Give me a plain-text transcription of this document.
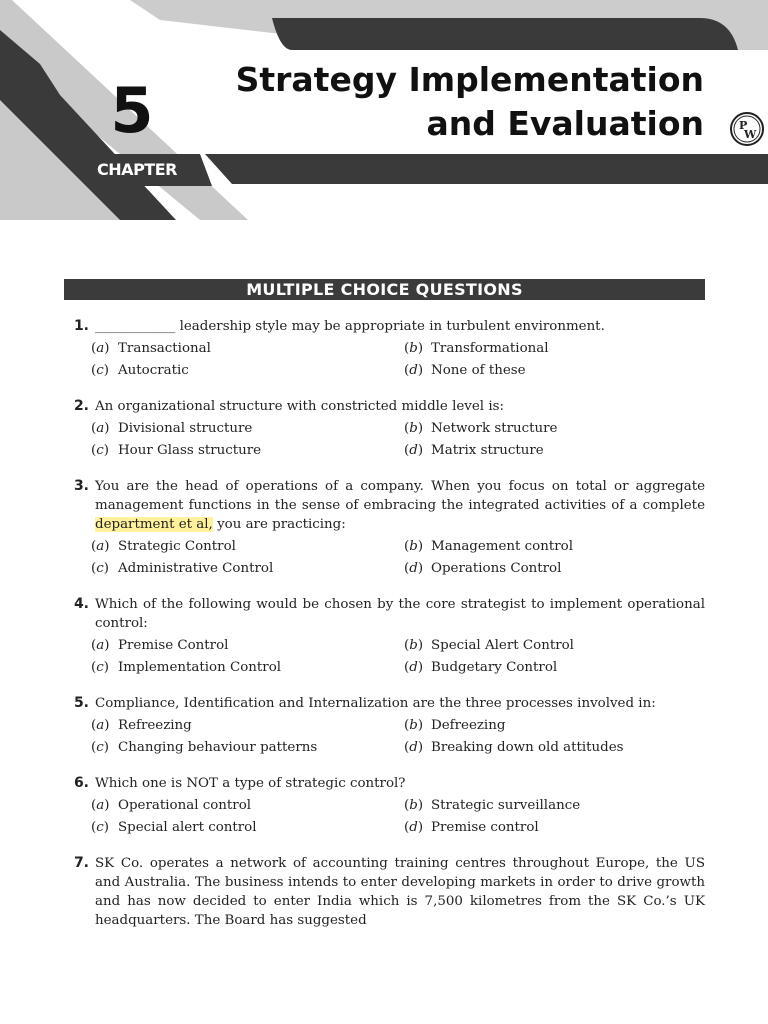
5
CHAPTER
Strategy Implementation
and Evaluation	P
W
MULTIPLE CHOICE QUESTIONS
1. ____________ leadership style may be appropriate in turbulent environment.
(a) Transactional	(b) Transformational
(c) Autocratic	(d) None of these
2. An organizational structure with constricted middle level is:
(a) Divisional structure	(b) Network structure
(c) Hour Glass structure	(d) Matrix structure
3. You are the head of operations of a company. When you focus on total or aggregate management functions in the sense of embracing the integrated activities of a complete department et al, you are practicing:
(a) Strategic Control	(b) Management control
(c) Administrative Control	(d) Operations Control
4. Which of the following would be chosen by the core strategist to implement operational control:
(a) Premise Control	(b) Special Alert Control
(c) Implementation Control	(d) Budgetary Control
5. Compliance, Identification and Internalization are the three processes involved in:
(a) Refreezing	(b) Defreezing
(c) Changing behaviour patterns	(d) Breaking down old attitudes
6. Which one is NOT a type of strategic control?
(a) Operational control	(b) Strategic surveillance
(c) Special alert control	(d) Premise control
7. SK Co. operates a network of accounting training centres throughout Europe, the US and Australia. The business intends to enter developing markets in order to drive growth and has now decided to enter India which is 7,500 kilometres from the SK Co.’s UK headquarters. The Board has suggested
